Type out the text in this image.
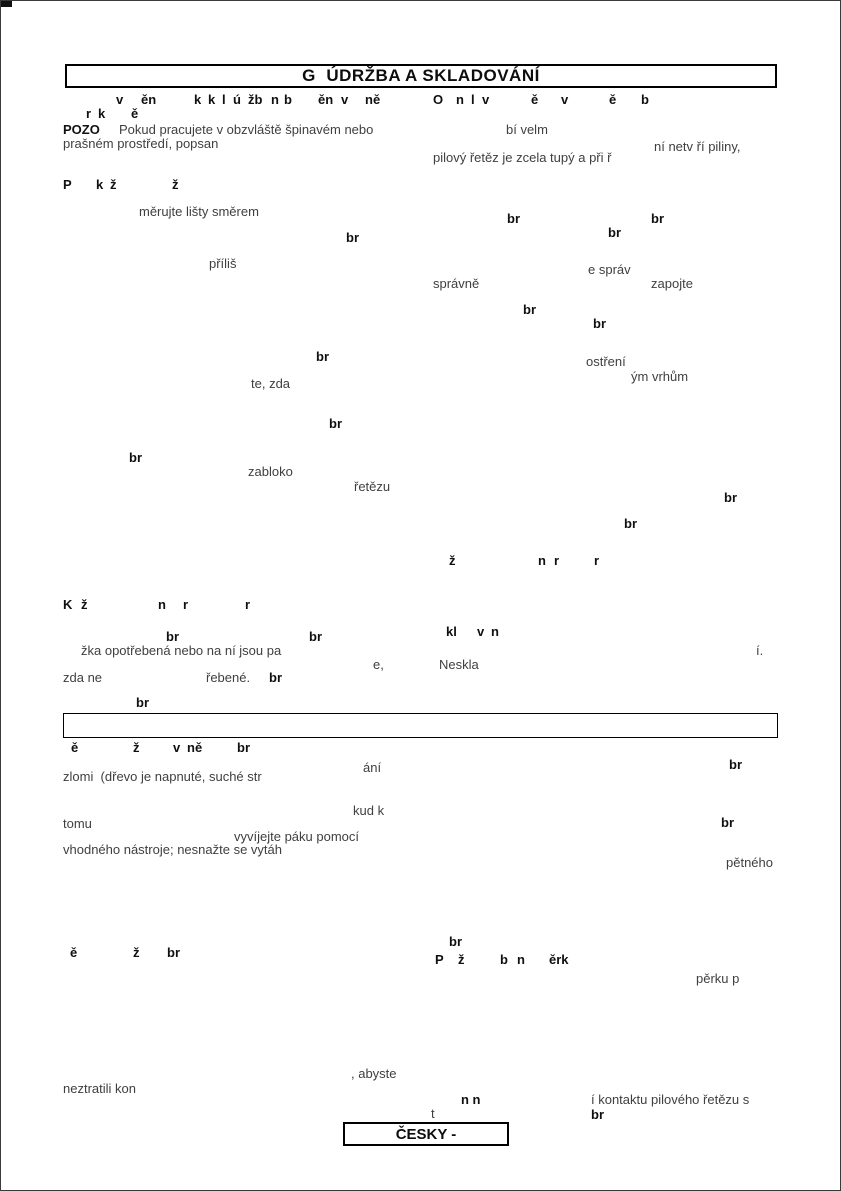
G  ÚDRŽBA A SKLADOVÁNÍ
v ěn	k k l ú žb n b ěn v ně	O n l v	ě v	ě b
r k ě
POZO Pokud pracujete v obzvláště špinavém nebo	bí velm
prašném prostředí, popsan	ní netv ří piliny,
pilový řetěz je zcela tupý a při ř
P k ž	ž
měrujte lišty směrem	br	br
br
br
příliš	e správ
správně	zapojte
br
br
br	ostření
ým vrhům
te, zda
br
br
zabloko
řetězu
br
br
ž	n r	r
K ž	n r	r
kl v n
br	br
žka opotřebená nebo na ní jsou pa	í.
e,	Neskla
zda ne	řebené. br
br
ě	ž	v ně	br
br
ání
zlomi  (dřevo je napnuté, suché str
kud k
br
tomu
vyvíjejte páku pomocí
vhodného nástroje; nesnažte se vytáh
pětného
br
ě	ž br	P ž	b n ěrk
pěrku p
, abyste
neztratili kon
n n	í kontaktu pilového řetězu s
t	br
ČESKY -
